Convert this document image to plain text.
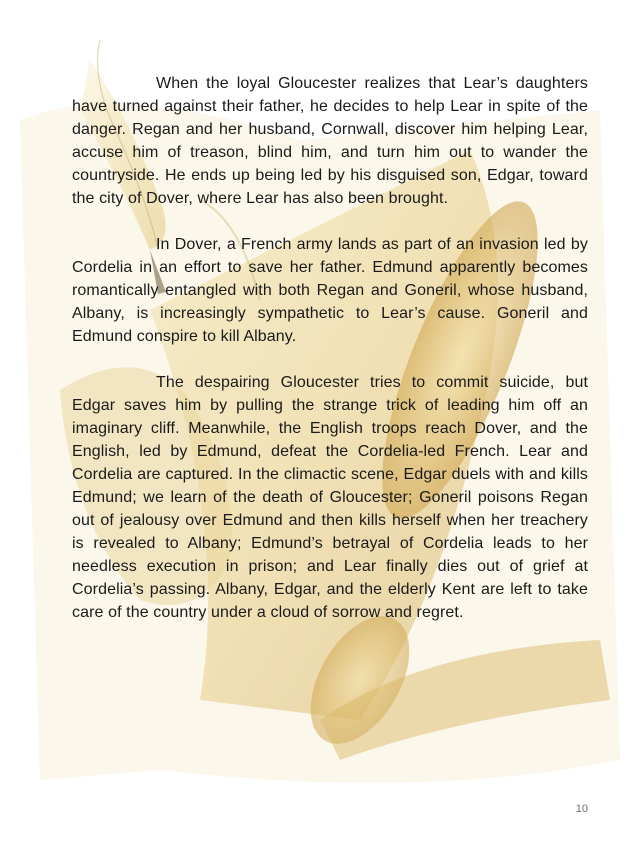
When the loyal Gloucester realizes that Lear’s daughters have turned against their father, he decides to help Lear in spite of the danger. Regan and her husband, Cornwall, discover him helping Lear, accuse him of treason, blind him, and turn him out to wander the countryside. He ends up being led by his disguised son, Edgar, toward the city of Dover, where Lear has also been brought.

In Dover, a French army lands as part of an invasion led by Cordelia in an effort to save her father. Edmund apparently becomes romantically entangled with both Regan and Goneril, whose husband, Albany, is increasingly sympathetic to Lear’s cause. Goneril and Edmund conspire to kill Albany.

The despairing Gloucester tries to commit suicide, but Edgar saves him by pulling the strange trick of leading him off an imaginary cliff. Meanwhile, the English troops reach Dover, and the English, led by Edmund, defeat the Cordelia-led French. Lear and Cordelia are captured. In the climactic scene, Edgar duels with and kills Edmund; we learn of the death of Gloucester; Goneril poisons Regan out of jealousy over Edmund and then kills herself when her treachery is revealed to Albany; Edmund’s betrayal of Cordelia leads to her needless execution in prison; and Lear finally dies out of grief at Cordelia’s passing. Albany, Edgar, and the elderly Kent are left to take care of the country under a cloud of sorrow and regret.

10
